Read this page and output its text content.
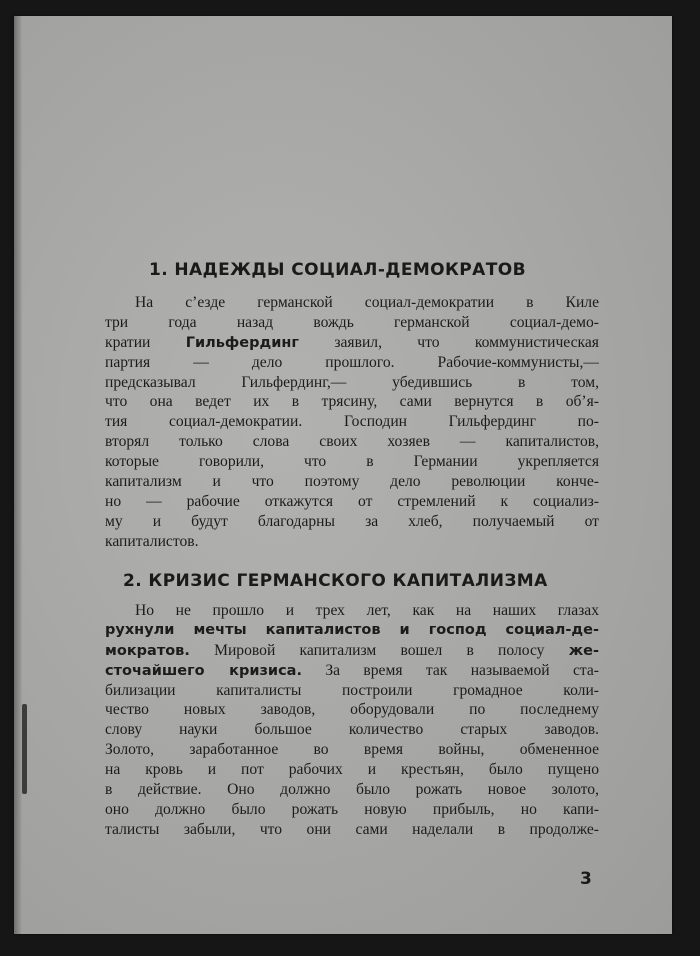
1. НАДЕЖДЫ СОЦИАЛ-ДЕМОКРАТОВ
На с’езде германской социал-демократии в Киле
три года назад вождь германской социал-демо-
кратии Гильфердинг заявил, что коммунистическая
партия — дело прошлого. Рабочие-коммунисты,—
предсказывал Гильфердинг,— убедившись в том,
что она ведет их в трясину, сами вернутся в об’я-
тия социал-демократии. Господин Гильфердинг по-
вторял только слова своих хозяев — капиталистов,
которые говорили, что в Германии укрепляется
капитализм и что поэтому дело революции конче-
но — рабочие откажутся от стремлений к социализ-
му и будут благодарны за хлеб, получаемый от
капиталистов.
2. КРИЗИС ГЕРМАНСКОГО КАПИТАЛИЗМА
Но не прошло и трех лет, как на наших глазах
рухнули мечты капиталистов и господ социал-де-
мократов. Мировой капитализм вошел в полосу же-
сточайшего кризиса. За время так называемой ста-
билизации капиталисты построили громадное коли-
чество новых заводов, оборудовали по последнему
слову науки большое количество старых заводов.
Золото, заработанное во время войны, обмененное
на кровь и пот рабочих и крестьян, было пущено
в действие. Оно должно было рожать новое золото,
оно должно было рожать новую прибыль, но капи-
талисты забыли, что они сами наделали в продолже-
3
